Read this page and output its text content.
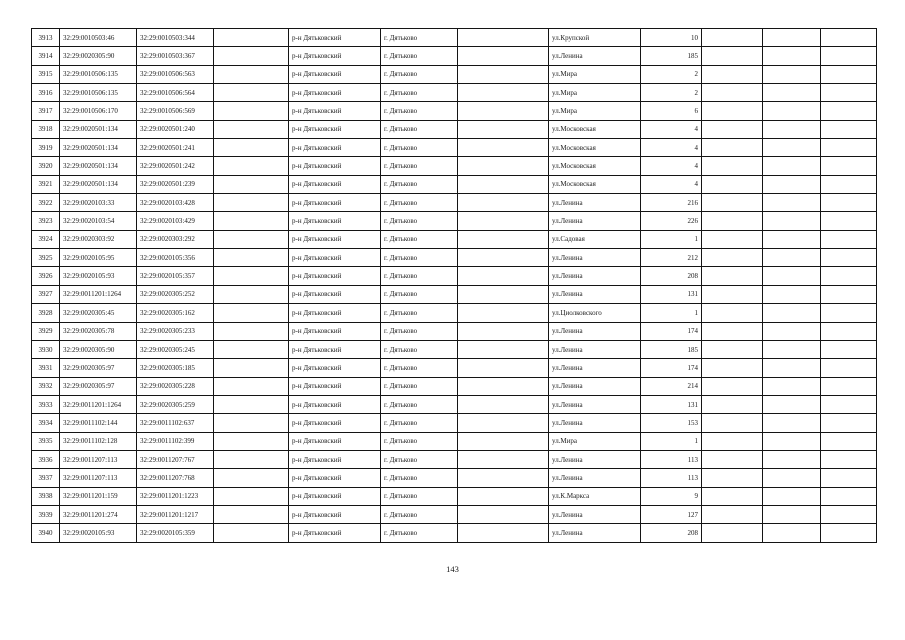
3913	32:29:0010503:46	32:29:0010503:344		р-н Дятьковский	г. Дятьково		ул.Крупской	10			
3914	32:29:0020305:90	32:29:0010503:367		р-н Дятьковский	г. Дятьково		ул.Ленина	185			
3915	32:29:0010506:135	32:29:0010506:563		р-н Дятьковский	г. Дятьково		ул.Мира	2			
3916	32:29:0010506:135	32:29:0010506:564		р-н Дятьковский	г. Дятьково		ул.Мира	2			
3917	32:29:0010506:170	32:29:0010506:569		р-н Дятьковский	г. Дятьково		ул.Мира	6			
3918	32:29:0020501:134	32:29:0020501:240		р-н Дятьковский	г. Дятьково		ул.Московская	4			
3919	32:29:0020501:134	32:29:0020501:241		р-н Дятьковский	г. Дятьково		ул.Московская	4			
3920	32:29:0020501:134	32:29:0020501:242		р-н Дятьковский	г. Дятьково		ул.Московская	4			
3921	32:29:0020501:134	32:29:0020501:239		р-н Дятьковский	г. Дятьково		ул.Московская	4			
3922	32:29:0020103:33	32:29:0020103:428		р-н Дятьковский	г. Дятьково		ул.Ленина	216			
3923	32:29:0020103:54	32:29:0020103:429		р-н Дятьковский	г. Дятьково		ул.Ленина	226			
3924	32:29:0020303:92	32:29:0020303:292		р-н Дятьковский	г. Дятьково		ул.Садовая	1			
3925	32:29:0020105:95	32:29:0020105:356		р-н Дятьковский	г. Дятьково		ул.Ленина	212			
3926	32:29:0020105:93	32:29:0020105:357		р-н Дятьковский	г. Дятьково		ул.Ленина	208			
3927	32:29:0011201:1264	32:29:0020305:252		р-н Дятьковский	г. Дятьково		ул.Ленина	131			
3928	32:29:0020305:45	32:29:0020305:162		р-н Дятьковский	г. Дятьково		ул.Циолковского	1			
3929	32:29:0020305:78	32:29:0020305:233		р-н Дятьковский	г. Дятьково		ул.Ленина	174			
3930	32:29:0020305:90	32:29:0020305:245		р-н Дятьковский	г. Дятьково		ул.Ленина	185			
3931	32:29:0020305:97	32:29:0020305:185		р-н Дятьковский	г. Дятьково		ул.Ленина	174			
3932	32:29:0020305:97	32:29:0020305:228		р-н Дятьковский	г. Дятьково		ул.Ленина	214			
3933	32:29:0011201:1264	32:29:0020305:259		р-н Дятьковский	г. Дятьково		ул.Ленина	131			
3934	32:29:0011102:144	32:29:0011102:637		р-н Дятьковский	г. Дятьково		ул.Ленина	153			
3935	32:29:0011102:128	32:29:0011102:399		р-н Дятьковский	г. Дятьково		ул.Мира	1			
3936	32:29:0011207:113	32:29:0011207:767		р-н Дятьковский	г. Дятьково		ул.Ленина	113			
3937	32:29:0011207:113	32:29:0011207:768		р-н Дятьковский	г. Дятьково		ул.Ленина	113			
3938	32:29:0011201:159	32:29:0011201:1223		р-н Дятьковский	г. Дятьково		ул.К.Маркса	9			
3939	32:29:0011201:274	32:29:0011201:1217		р-н Дятьковский	г. Дятьково		ул.Ленина	127			
3940	32:29:0020105:93	32:29:0020105:359		р-н Дятьковский	г. Дятьково		ул.Ленина	208			
143
